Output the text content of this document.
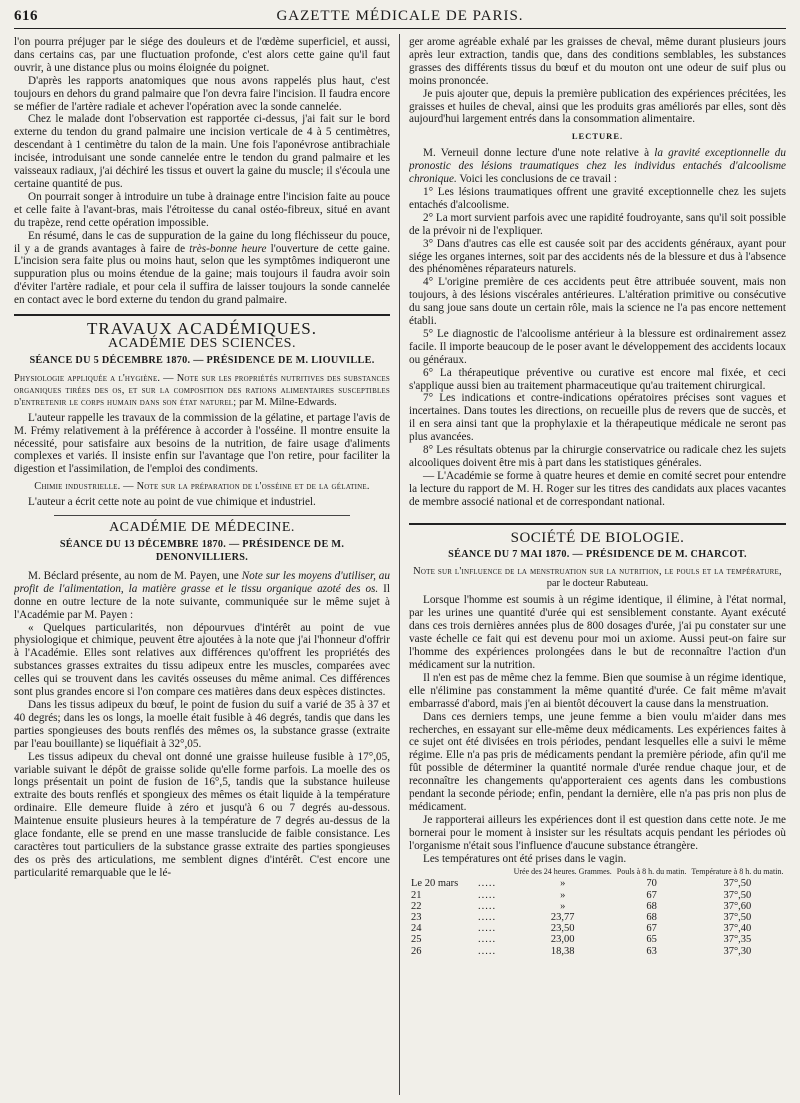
616	GAZETTE MÉDICALE DE PARIS.

l'on pourra préjuger par le siége des douleurs et de l'œdème superficiel, et aussi, dans certains cas, par une fluctuation profonde, c'est alors cette gaine qu'il faut ouvrir, à une distance plus ou moins éloignée du poignet.

D'après les rapports anatomiques que nous avons rappelés plus haut, c'est toujours en dehors du grand palmaire que l'on devra faire l'incision. Il faudra encore se méfier de l'artère radiale et achever l'opération avec la sonde cannelée.

Chez le malade dont l'observation est rapportée ci-dessus, j'ai fait sur le bord externe du tendon du grand palmaire une incision verticale de 4 à 5 centimètres, descendant à 1 centimètre du talon de la main. Une fois l'aponévrose antibrachiale incisée, introduisant une sonde cannelée entre le tendon du grand palmaire et les vaisseaux radiaux, j'ai déchiré les tissus et ouvert la gaine du muscle; il s'écoula une certaine quantité de pus.

On pourrait songer à introduire un tube à drainage entre l'incision faite au pouce et celle faite à l'avant-bras, mais l'étroitesse du canal ostéo-fibreux, situé en avant du trapèze, rend cette opération impossible.

En résumé, dans le cas de suppuration de la gaine du long fléchisseur du pouce, il y a de grands avantages à faire de très-bonne heure l'ouverture de cette gaine. L'incision sera faite plus ou moins haut, selon que les symptômes indiqueront une suppuration plus ou moins étendue de la gaine; mais toujours il faudra avoir soin d'éviter l'artère radiale, et pour cela il suffira de laisser toujours la sonde cannelée en contact avec le bord externe du tendon du grand palmaire.

TRAVAUX ACADÉMIQUES.

ACADÉMIE DES SCIENCES.

SÉANCE DU 5 DÉCEMBRE 1870. — PRÉSIDENCE DE M. LIOUVILLE.

Physiologie appliquée a l'hygiène. — Note sur les propriétés nutritives des substances organiques tirées des os, et sur la composition des rations alimentaires susceptibles d'entretenir le corps humain dans son état naturel; par M. Milne-Edwards.

L'auteur rappelle les travaux de la commission de la gélatine, et partage l'avis de M. Frémy relativement à la préférence à accorder à l'osséine. Il montre ensuite la nécessité, pour satisfaire aux besoins de la nutrition, de faire usage d'aliments complexes et variés. Il insiste enfin sur l'avantage que l'on retire, pour faciliter la digestion et l'assimilation, de l'emploi des condiments.

Chimie industrielle. — Note sur la préparation de l'osséine et de la gélatine.

L'auteur a écrit cette note au point de vue chimique et industriel.

ACADÉMIE DE MÉDECINE.

SÉANCE DU 13 DÉCEMBRE 1870. — PRÉSIDENCE DE M. DENONVILLIERS.

M. Béclard présente, au nom de M. Payen, une Note sur les moyens d'utiliser, au profit de l'alimentation, la matière grasse et le tissu organique azoté des os. Il donne en outre lecture de la note suivante, communiquée sur le même sujet à l'Académie par M. Payen :

« Quelques particularités, non dépourvues d'intérêt au point de vue physiologique et chimique, peuvent être ajoutées à la note que j'ai l'honneur d'offrir à l'Académie. Elles sont relatives aux différences qu'offrent les propriétés des substances grasses extraites du tissu adipeux entre les muscles, comparées avec celles qui se trouvent dans les cavités osseuses du même animal. Ces différences sont plus grandes encore si l'on compare ces matières dans deux espèces distinctes.

Dans les tissus adipeux du bœuf, le point de fusion du suif a varié de 35 à 37 et 40 degrés; dans les os longs, la moelle était fusible à 46 degrés, tandis que dans les parties spongieuses des bouts renflés des mêmes os, la substance grasse (extraite par l'eau bouillante) se liquéfiait à 32°,05.

Les tissus adipeux du cheval ont donné une graisse huileuse fusible à 17°,05, variable suivant le dépôt de graisse solide qu'elle forme parfois. La moelle des os longs présentait un point de fusion de 16°,5, tandis que la substance huileuse extraite des bouts renflés et spongieux des mêmes os était liquide à la température ordinaire. Elle demeure fluide à zéro et jusqu'à 6 ou 7 degrés au-dessous. Maintenue ensuite plusieurs heures à la température de 7 degrés au-dessus de la glace fondante, elle se prend en une masse translucide de faible consistance. Les caractères tout particuliers de la substance grasse extraite des parties spongieuses des os près des articulations, me semblent dignes d'intérêt. C'est encore une particularité remarquable que le lé-

ger arome agréable exhalé par les graisses de cheval, même durant plusieurs jours après leur extraction, tandis que, dans des conditions semblables, les substances grasses des différents tissus du bœuf et du mouton ont une odeur de suif plus ou moins prononcée.

Je puis ajouter que, depuis la première publication des expériences précitées, les graisses et huiles de cheval, ainsi que les produits gras améliorés par elles, sont dès aujourd'hui largement entrés dans la consommation alimentaire.

LECTURE.

M. Verneuil donne lecture d'une note relative à la gravité exceptionnelle du pronostic des lésions traumatiques chez les individus entachés d'alcoolisme chronique. Voici les conclusions de ce travail :

1° Les lésions traumatiques offrent une gravité exceptionnelle chez les sujets entachés d'alcoolisme.

2° La mort survient parfois avec une rapidité foudroyante, sans qu'il soit possible de la prévoir ni de l'expliquer.

3° Dans d'autres cas elle est causée soit par des accidents généraux, ayant pour siége les organes internes, soit par des accidents nés de la blessure et dus à l'absence des phénomènes réparateurs naturels.

4° L'origine première de ces accidents peut être attribuée souvent, mais non toujours, à des lésions viscérales antérieures. L'altération primitive ou consécutive du sang joue sans doute un certain rôle, mais la science ne l'a pas encore nettement établi.

5° Le diagnostic de l'alcoolisme antérieur à la blessure est ordinairement assez facile. Il importe beaucoup de le poser avant le développement des accidents locaux ou généraux.

6° La thérapeutique préventive ou curative est encore mal fixée, et ceci s'applique aussi bien au traitement pharmaceutique qu'au traitement chirurgical.

7° Les indications et contre-indications opératoires précises sont vagues et incertaines. Dans toutes les directions, on recueille plus de revers que de succès, et il en sera ainsi tant que la prophylaxie et la thérapeutique médicale ne seront pas plus avancées.

8° Les résultats obtenus par la chirurgie conservatrice ou radicale chez les sujets alcooliques doivent être mis à part dans les statistiques générales.

— L'Académie se forme à quatre heures et demie en comité secret pour entendre la lecture du rapport de M. H. Roger sur les titres des candidats aux places vacantes de membre associé national et de correspondant national.

SOCIÉTÉ DE BIOLOGIE.

SÉANCE DU 7 MAI 1870. — PRÉSIDENCE DE M. CHARCOT.

Note sur l'influence de la menstruation sur la nutrition, le pouls et la température, par le docteur Rabuteau.

Lorsque l'homme est soumis à un régime identique, il élimine, à l'état normal, par les urines une quantité d'urée qui est sensiblement constante. Ayant exécuté dans ces trois dernières années plus de 800 dosages d'urée, j'ai pu constater sur une vaste échelle ce fait qui est devenu pour moi un axiome. Aussi peut-on faire sur l'homme des expériences prolongées dans le but de reconnaître l'action d'un médicament sur la nutrition.

Il n'en est pas de même chez la femme. Bien que soumise à un régime identique, elle n'élimine pas constamment la même quantité d'urée. Ce fait même m'avait embarrassé d'abord, mais j'en ai bientôt découvert la cause dans la menstruation.

Dans ces derniers temps, une jeune femme a bien voulu m'aider dans mes recherches, en essayant sur elle-même deux médicaments. Les expériences faites à ce sujet ont été divisées en trois périodes, pendant lesquelles elle a suivi le même régime. Elle n'a pas pris de médicaments pendant la première période, afin qu'il me fût possible de déterminer la quantité normale d'urée rendue chaque jour, et de reconnaître les changements qu'apporteraient ces agents dans les combustions pendant la seconde période; enfin, pendant la dernière, elle n'a pas pris non plus de médicament.

Je rapporterai ailleurs les expériences dont il est question dans cette note. Je me bornerai pour le moment à insister sur les résultats acquis pendant les périodes où l'organisme n'était sous l'influence d'aucune substance étrangère.

Les températures ont été prises dans le vagin.

		Urée des 24 heures. Grammes.	Pouls à 8 h. du matin.	Température à 8 h. du matin.
Le 20 mars	.....	»	70	37°,50
21	.....	»	67	37°,50
22	.....	»	68	37°,60
23	.....	23,77	68	37°,50
24	.....	23,50	67	37°,40
25	.....	23,00	65	37°,35
26	.....	18,38	63	37°,30
